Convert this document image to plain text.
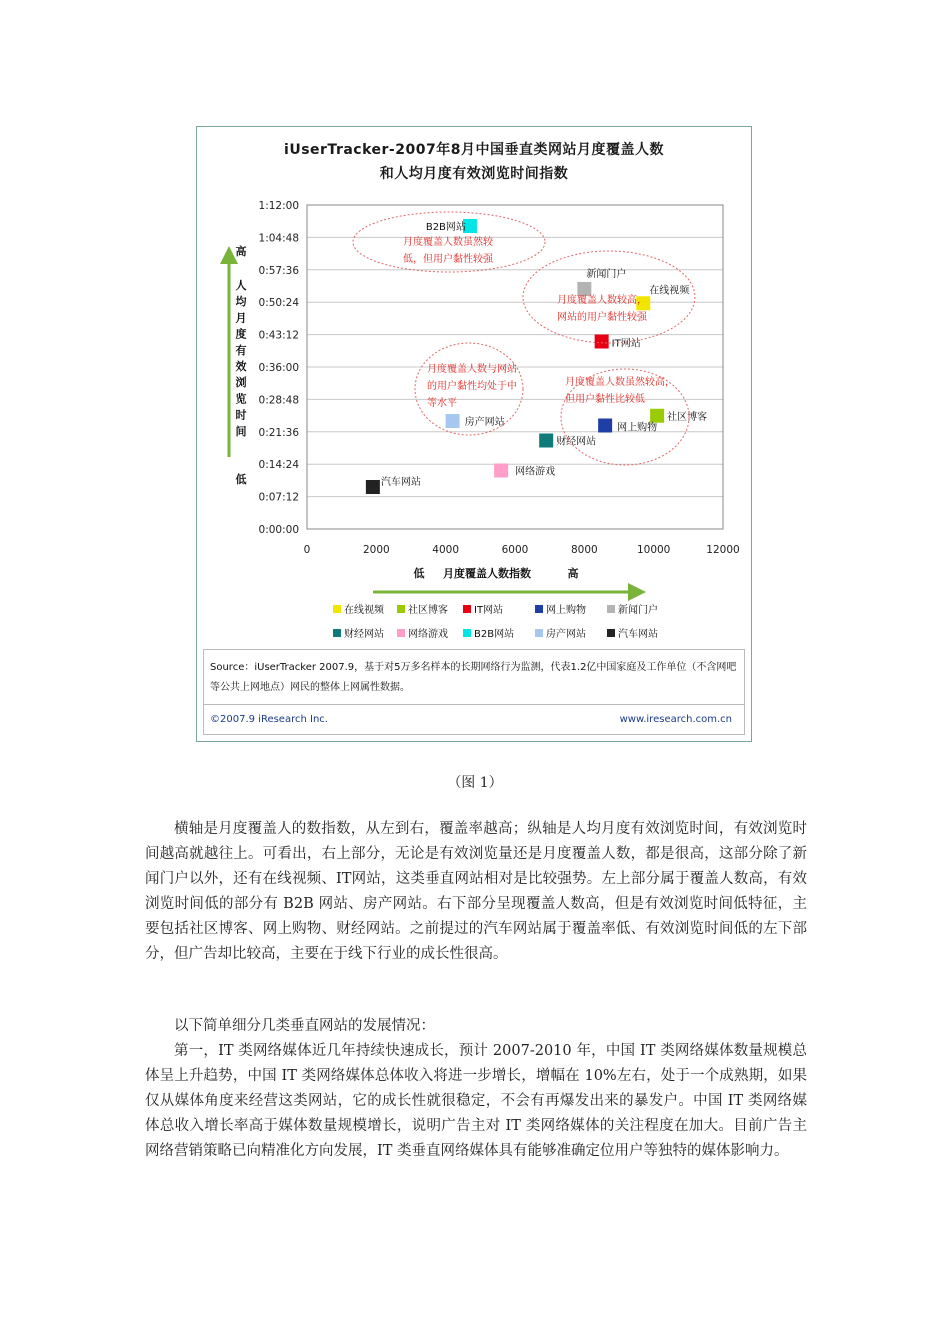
iUserTracker-2007年8月中国垂直类网站月度覆盖人数
和人均月度有效浏览时间指数
0:00:00
0:07:12
0:14:24
0:21:36
0:28:48
0:36:00
0:43:12
0:50:24
0:57:36
1:04:48
1:12:00
0	2000	4000	6000	8000	10000	12000
在线视频
社区博客
IT网站
网上购物
新闻门户
财经网站
网络游戏
B2B网站
房产网站
汽车网站
月度覆盖人数虽然较
低，但用户黏性较强
月度覆盖人数较高，
网站的用户黏性较强
月度覆盖人数与网站
的用户黏性均处于中
等水平
月度覆盖人数虽然较高，
但用户黏性比较低
高
人
均
月
度
有
效
浏
览
时
间
低
低 月度覆盖人数指数	高
在线视频 社区博客	IT网站	网上购物	新闻门户
财经网站 网络游戏	B2B网站	房产网站	汽车网站
Source：iUserTracker 2007.9，基于对5万多名样本的长期网络行为监测，代表1.2亿中国家庭及工作单位（不含网吧等公共上网地点）网民的整体上网属性数据。
©2007.9 iResearch Inc.	www.iresearch.com.cn
（图 1）
横轴是月度覆盖人的数指数，从左到右，覆盖率越高；纵轴是人均月度有效浏览时间，有效浏览时间越高就越往上。可看出，右上部分，无论是有效浏览量还是月度覆盖人数，都是很高，这部分除了新闻门户以外，还有在线视频、IT网站，这类垂直网站相对是比较强势。左上部分属于覆盖人数高，有效浏览时间低的部分有 B2B 网站、房产网站。右下部分呈现覆盖人数高，但是有效浏览时间低特征，主要包括社区博客、网上购物、财经网站。之前提过的汽车网站属于覆盖率低、有效浏览时间低的左下部分，但广告却比较高，主要在于线下行业的成长性很高。
以下简单细分几类垂直网站的发展情况：
第一，IT 类网络媒体近几年持续快速成长，预计 2007-2010 年，中国 IT 类网络媒体数量规模总体呈上升趋势，中国 IT 类网络媒体总体收入将进一步增长，增幅在 10%左右，处于一个成熟期，如果仅从媒体角度来经营这类网站，它的成长性就很稳定，不会有再爆发出来的暴发户。中国 IT 类网络媒体总收入增长率高于媒体数量规模增长，说明广告主对 IT 类网络媒体的关注程度在加大。目前广告主网络营销策略已向精准化方向发展，IT 类垂直网络媒体具有能够准确定位用户等独特的媒体影响力。
